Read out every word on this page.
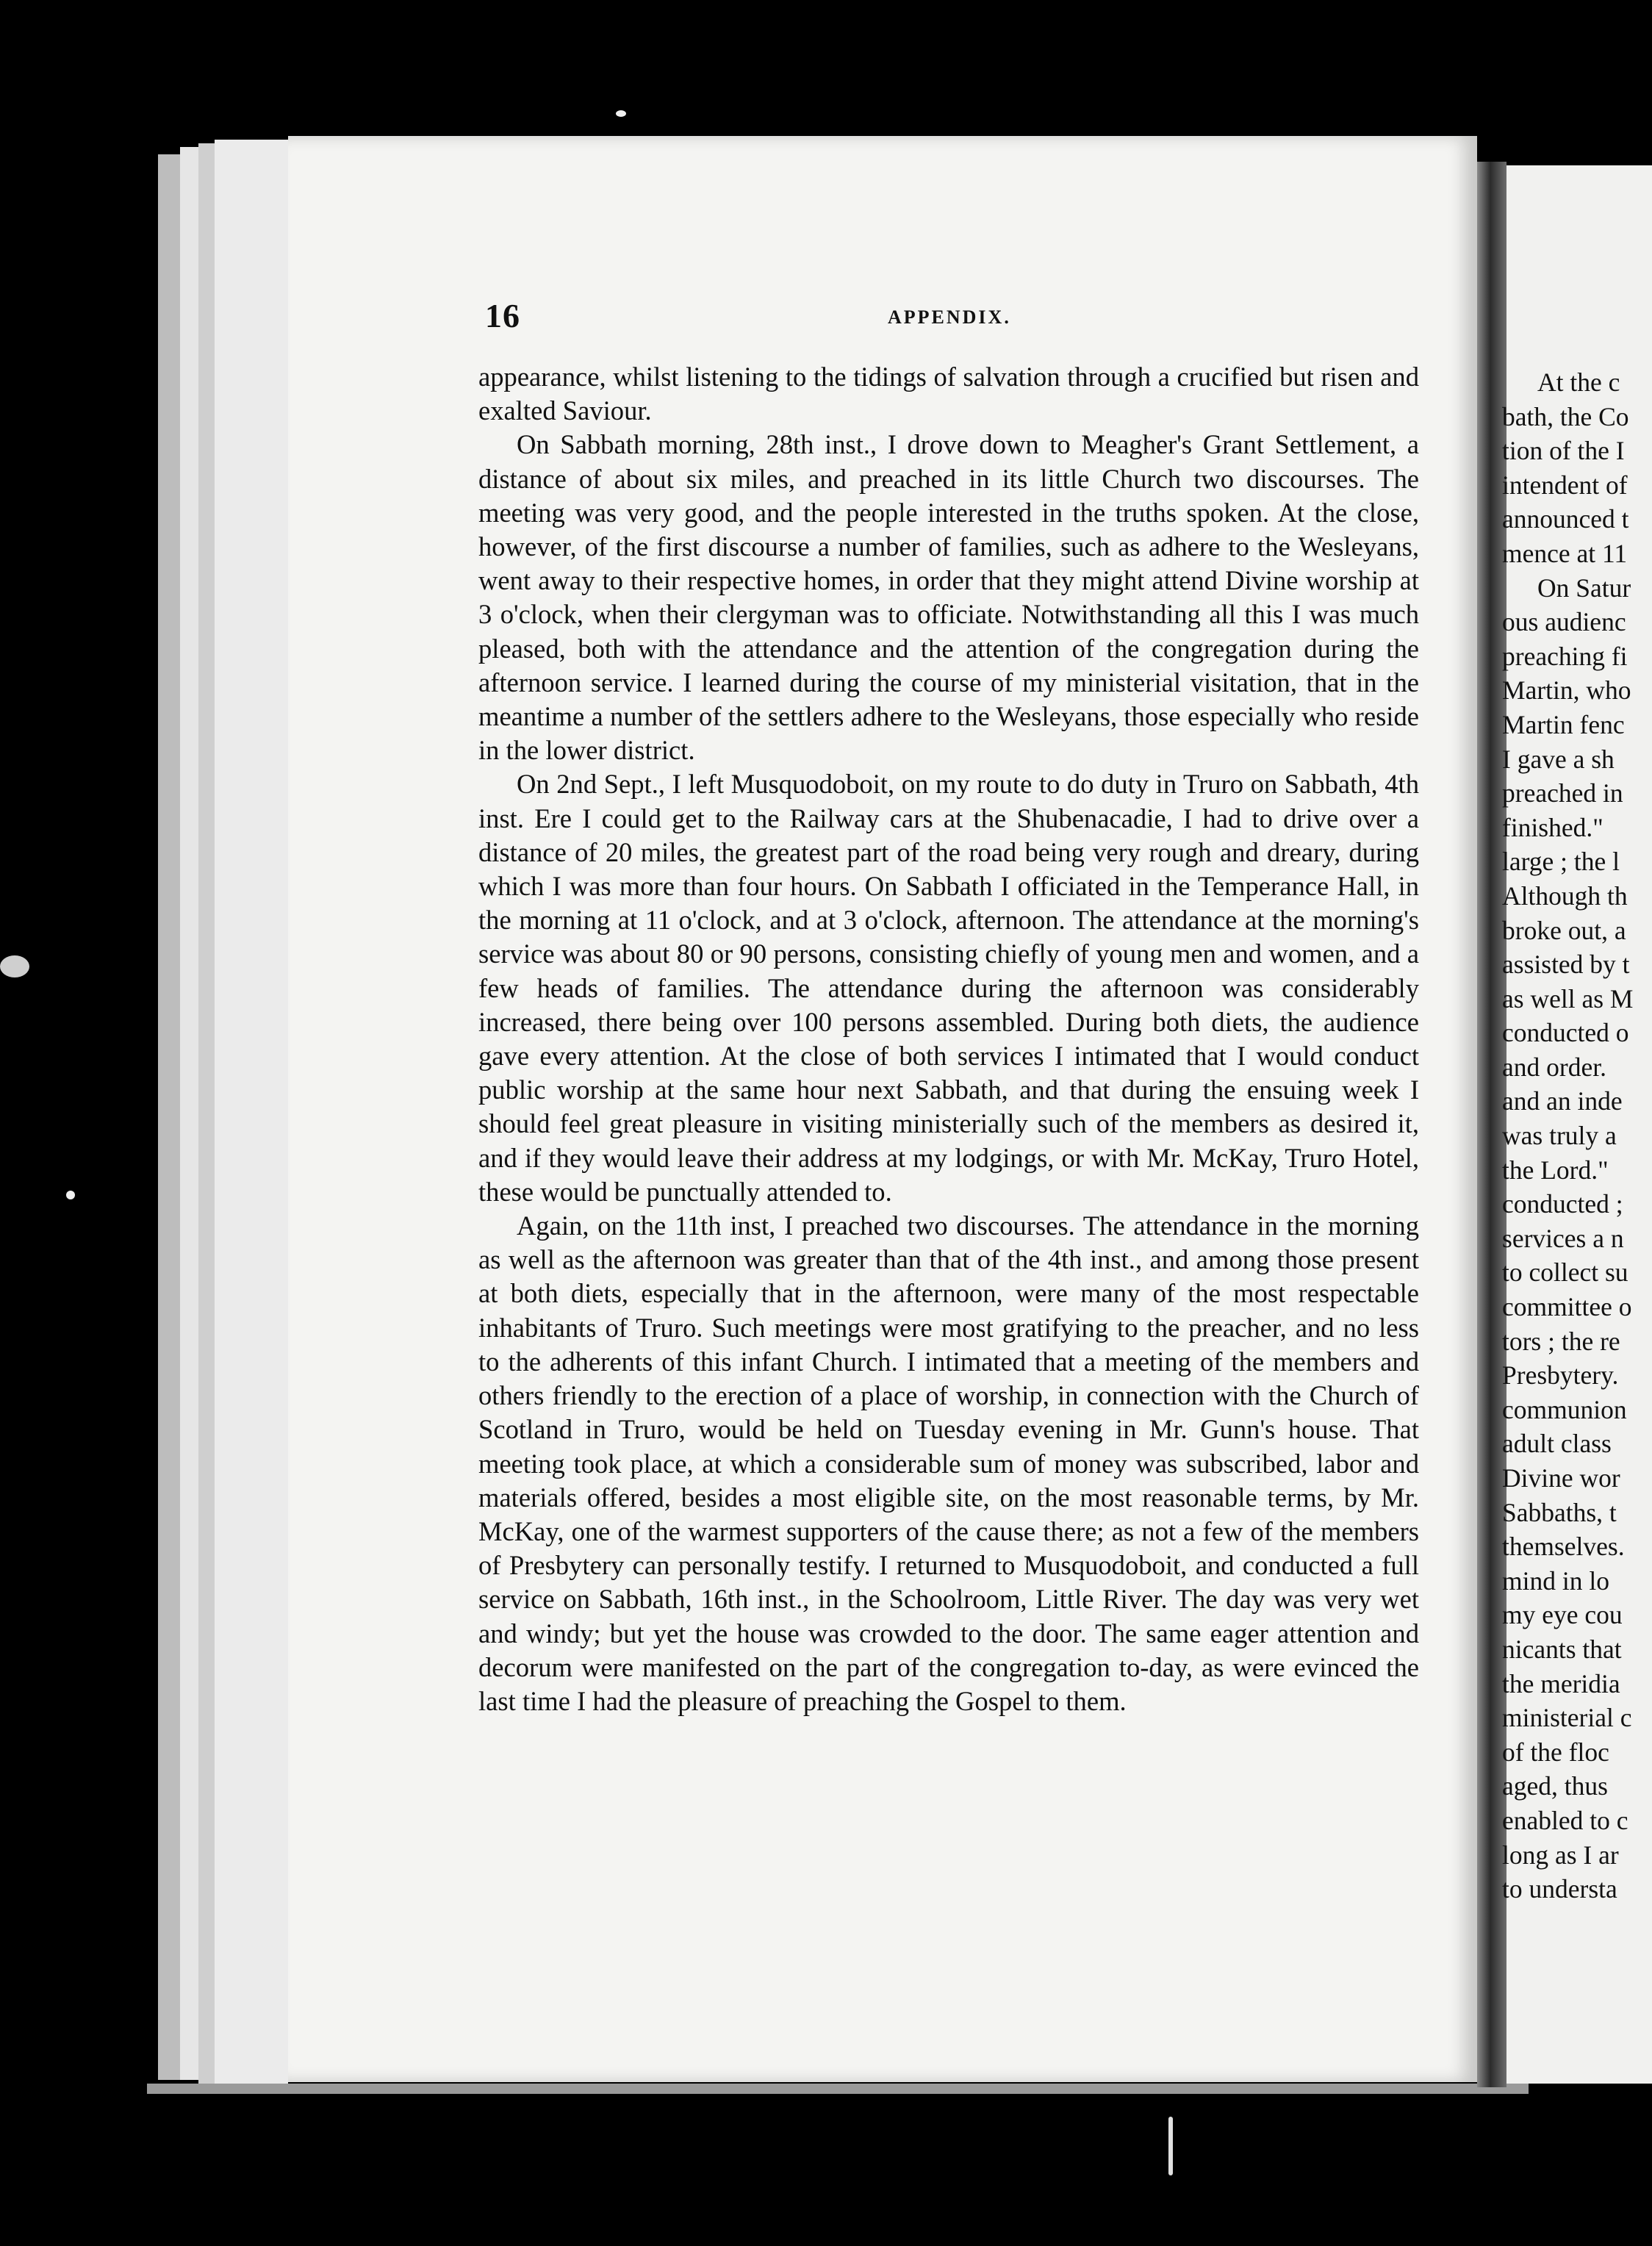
16	APPENDIX.

appearance, whilst listening to the tidings of salvation through a crucified but risen and exalted Saviour.

On Sabbath morning, 28th inst., I drove down to Meagher's Grant Settlement, a distance of about six miles, and preached in its little Church two discourses. The meeting was very good, and the people interested in the truths spoken. At the close, however, of the first discourse a number of families, such as adhere to the Wesleyans, went away to their respective homes, in order that they might attend Divine worship at 3 o'clock, when their clergyman was to officiate. Notwithstanding all this I was much pleased, both with the attendance and the attention of the congregation during the afternoon service. I learned during the course of my ministerial visitation, that in the meantime a number of the settlers adhere to the Wesleyans, those especially who reside in the lower district.

On 2nd Sept., I left Musquodoboit, on my route to do duty in Truro on Sabbath, 4th inst. Ere I could get to the Railway cars at the Shubenacadie, I had to drive over a distance of 20 miles, the greatest part of the road being very rough and dreary, during which I was more than four hours. On Sabbath I officiated in the Temperance Hall, in the morning at 11 o'clock, and at 3 o'clock, afternoon. The attendance at the morning's service was about 80 or 90 persons, consisting chiefly of young men and women, and a few heads of families. The attendance during the afternoon was considerably increased, there being over 100 persons assembled. During both diets, the audience gave every attention. At the close of both services I intimated that I would conduct public worship at the same hour next Sabbath, and that during the ensuing week I should feel great pleasure in visiting ministerially such of the members as desired it, and if they would leave their address at my lodgings, or with Mr. McKay, Truro Hotel, these would be punctually attended to.

Again, on the 11th inst, I preached two discourses. The attendance in the morning as well as the afternoon was greater than that of the 4th inst., and among those present at both diets, especially that in the afternoon, were many of the most respectable inhabitants of Truro. Such meetings were most gratifying to the preacher, and no less to the adherents of this infant Church. I intimated that a meeting of the members and others friendly to the erection of a place of worship, in connection with the Church of Scotland in Truro, would be held on Tuesday evening in Mr. Gunn's house. That meeting took place, at which a considerable sum of money was subscribed, labor and materials offered, besides a most eligible site, on the most reasonable terms, by Mr. McKay, one of the warmest supporters of the cause there; as not a few of the members of Presbytery can personally testify. I returned to Musquodoboit, and conducted a full service on Sabbath, 16th inst., in the Schoolroom, Little River. The day was very wet and windy; but yet the house was crowded to the door. The same eager attention and decorum were manifested on the part of the congregation to-day, as were evinced the last time I had the pleasure of preaching the Gospel to them.

At the c
bath, the Co
tion of the I
intendent of
announced t
mence at 11
On Satur
ous audienc
preaching fi
Martin, who
Martin fenc
I gave a sh
preached in
finished."
large ; the l
Although th
broke out, a
assisted by t
as well as M
conducted o
and order.
and an inde
was truly a
the Lord."
conducted ;
services a n
to collect su
committee o
tors ; the re
Presbytery.
communion
adult class
Divine wor
Sabbaths, t
themselves.
mind in lo
my eye cou
nicants that
the meridia
ministerial c
of the floc
aged, thus
enabled to c
long as I ar
to understa
